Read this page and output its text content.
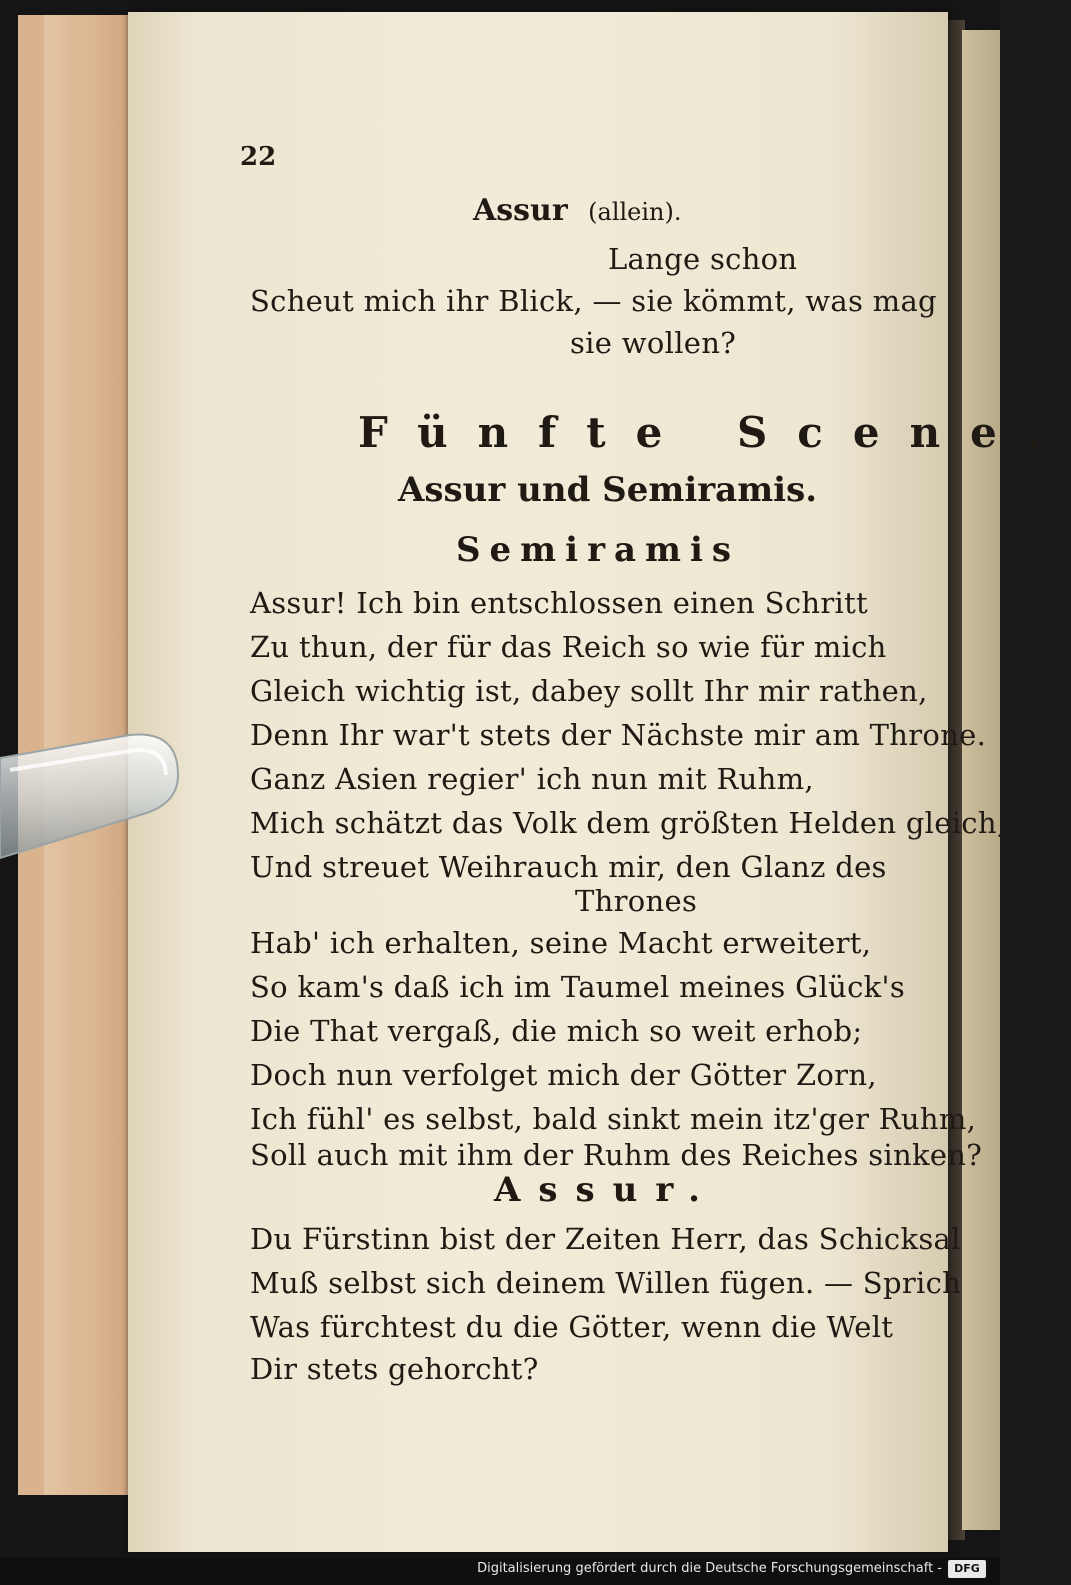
22
Assur (allein).
Lange schon
Scheut mich ihr Blick, — sie kömmt, was mag
sie wollen?
Fünfte Scene.
Assur und Semiramis.
Semiramis
Assur! Ich bin entschlossen einen Schritt
Zu thun, der für das Reich so wie für mich
Gleich wichtig ist, dabey sollt Ihr mir rathen,
Denn Ihr war't stets der Nächste mir am Throne.
Ganz Asien regier' ich nun mit Ruhm,
Mich schätzt das Volk dem größten Helden gleich,
Und streuet Weihrauch mir, den Glanz des
Thrones
Hab' ich erhalten, seine Macht erweitert,
So kam's daß ich im Taumel meines Glück's
Die That vergaß, die mich so weit erhob;
Doch nun verfolget mich der Götter Zorn,
Ich fühl' es selbst, bald sinkt mein itz'ger Ruhm,
Soll auch mit ihm der Ruhm des Reiches sinken?
Assur.
Du Fürstinn bist der Zeiten Herr, das Schicksal
Muß selbst sich deinem Willen fügen. — Sprich
Was fürchtest du die Götter, wenn die Welt
Dir stets gehorcht?
Digitalisierung gefördert durch die Deutsche Forschungsgemeinschaft -	DFG
